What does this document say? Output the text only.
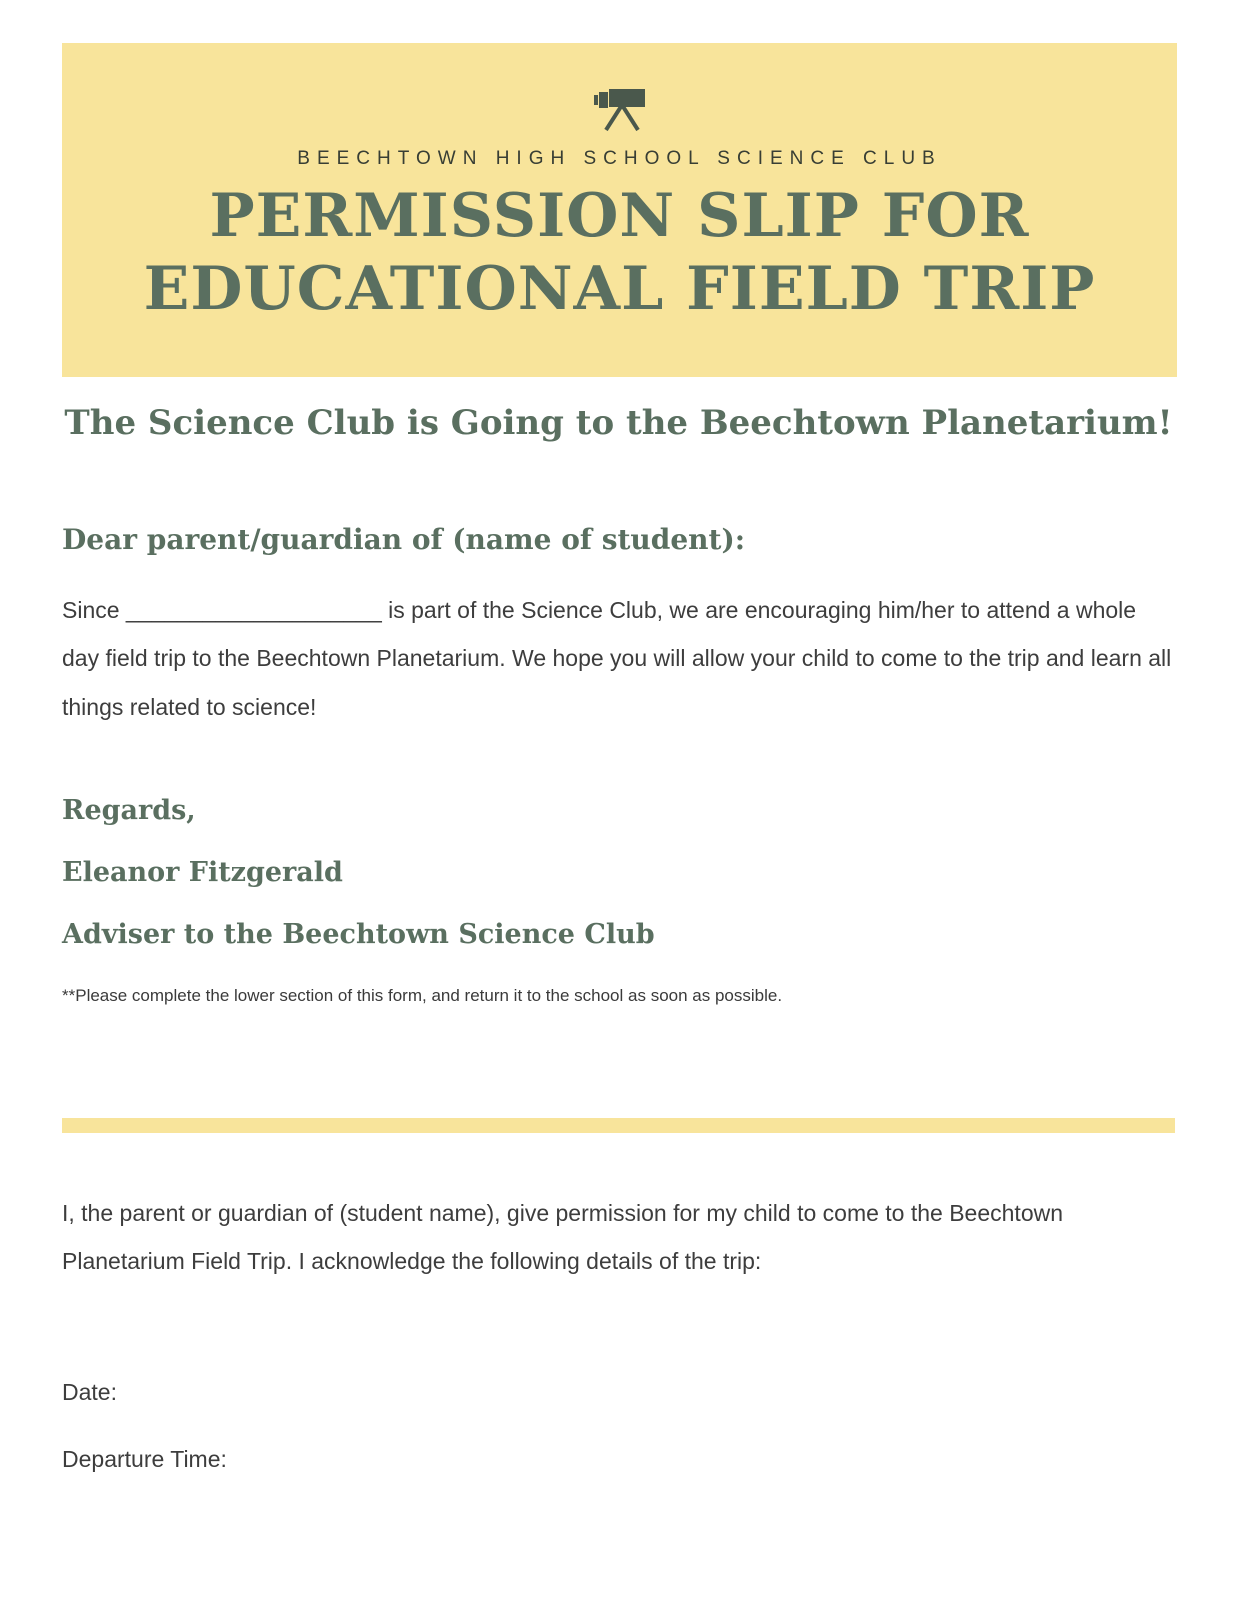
BEECHTOWN HIGH SCHOOL SCIENCE CLUB
PERMISSION SLIP FOR
EDUCATIONAL FIELD TRIP
The Science Club is Going to the Beechtown Planetarium!
Dear parent/guardian of (name of student):
Since ____________________ is part of the Science Club, we are encouraging him/her to attend a whole day field trip to the Beechtown Planetarium. We hope you will allow your child to come to the trip and learn all things related to science!
Regards,
Eleanor Fitzgerald
Adviser to the Beechtown Science Club
**Please complete the lower section of this form, and return it to the school as soon as possible.
I, the parent or guardian of (student name), give permission for my child to come to the Beechtown Planetarium Field Trip. I acknowledge the following details of the trip:
Date:
Departure Time:
